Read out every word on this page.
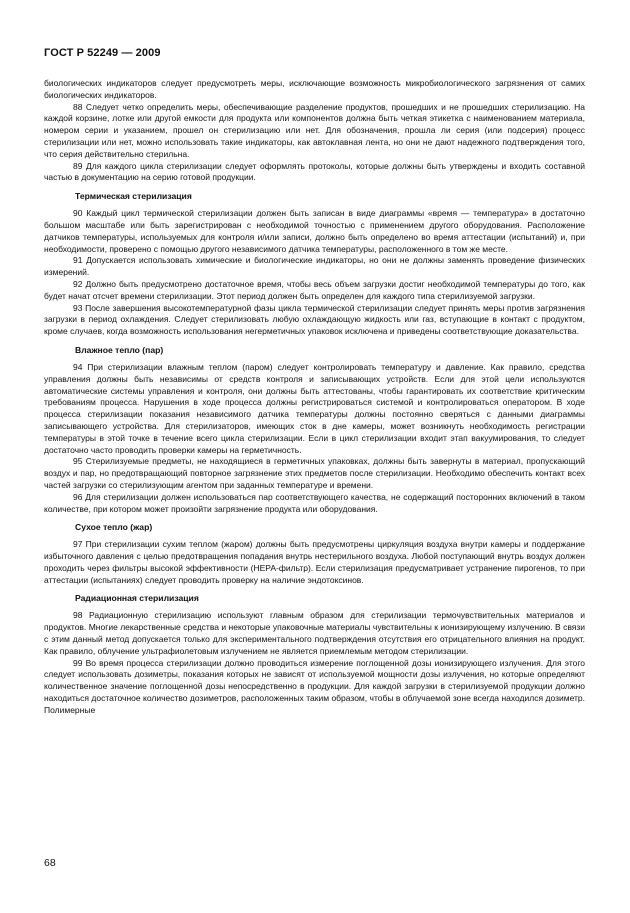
ГОСТ Р 52249 — 2009

биологических индикаторов следует предусмотреть меры, исключающие возможность микробиологического загрязнения от самих биологических индикаторов.

88 Следует четко определить меры, обеспечивающие разделение продуктов, прошедших и не прошедших стерилизацию. На каждой корзине, лотке или другой емкости для продукта или компонентов должна быть четкая этикетка с наименованием материала, номером серии и указанием, прошел он стерилизацию или нет. Для обозначения, прошла ли серия (или подсерия) процесс стерилизации или нет, можно использовать такие индикаторы, как автоклавная лента, но они не дают надежного подтверждения того, что серия действительно стерильна.

89 Для каждого цикла стерилизации следует оформлять протоколы, которые должны быть утверждены и входить составной частью в документацию на серию готовой продукции.

Термическая стерилизация

90 Каждый цикл термической стерилизации должен быть записан в виде диаграммы «время — температура» в достаточно большом масштабе или быть зарегистрирован с необходимой точностью с применением другого оборудования. Расположение датчиков температуры, используемых для контроля и/или записи, должно быть определено во время аттестации (испытаний) и, при необходимости, проверено с помощью другого независимого датчика температуры, расположенного в том же месте.

91 Допускается использовать химические и биологические индикаторы, но они не должны заменять проведение физических измерений.

92 Должно быть предусмотрено достаточное время, чтобы весь объем загрузки достиг необходимой температуры до того, как будет начат отсчет времени стерилизации. Этот период должен быть определен для каждого типа стерилизуемой загрузки.

93 После завершения высокотемпературной фазы цикла термической стерилизации следует принять меры против загрязнения загрузки в период охлаждения. Следует стерилизовать любую охлаждающую жидкость или газ, вступающие в контакт с продуктом, кроме случаев, когда возможность использования негерметичных упаковок исключена и приведены соответствующие доказательства.

Влажное тепло (пар)

94 При стерилизации влажным теплом (паром) следует контролировать температуру и давление. Как правило, средства управления должны быть независимы от средств контроля и записывающих устройств. Если для этой цели используются автоматические системы управления и контроля, они должны быть аттестованы, чтобы гарантировать их соответствие критическим требованиям процесса. Нарушения в ходе процесса должны регистрироваться системой и контролироваться оператором. В ходе процесса стерилизации показания независимого датчика температуры должны постоянно сверяться с данными диаграммы записывающего устройства. Для стерилизаторов, имеющих сток в дне камеры, может возникнуть необходимость регистрации температуры в этой точке в течение всего цикла стерилизации. Если в цикл стерилизации входит этап вакуумирования, то следует достаточно часто проводить проверки камеры на герметичность.

95 Стерилизуемые предметы, не находящиеся в герметичных упаковках, должны быть завернуты в материал, пропускающий воздух и пар, но предотвращающий повторное загрязнение этих предметов после стерилизации. Необходимо обеспечить контакт всех частей загрузки со стерилизующим агентом при заданных температуре и времени.

96 Для стерилизации должен использоваться пар соответствующего качества, не содержащий посторонних включений в таком количестве, при котором может произойти загрязнение продукта или оборудования.

Сухое тепло (жар)

97 При стерилизации сухим теплом (жаром) должны быть предусмотрены циркуляция воздуха внутри камеры и поддержание избыточного давления с целью предотвращения попадания внутрь нестерильного воздуха. Любой поступающий внутрь воздух должен проходить через фильтры высокой эффективности (НЕРА-фильтр). Если стерилизация предусматривает устранение пирогенов, то при аттестации (испытаниях) следует проводить проверку на наличие эндотоксинов.

Радиационная стерилизация

98 Радиационную стерилизацию используют главным образом для стерилизации термочувствительных материалов и продуктов. Многие лекарственные средства и некоторые упаковочные материалы чувствительны к ионизирующему излучению. В связи с этим данный метод допускается только для экспериментального подтверждения отсутствия его отрицательного влияния на продукт. Как правило, облучение ультрафиолетовым излучением не является приемлемым методом стерилизации.

99 Во время процесса стерилизации должно проводиться измерение поглощенной дозы ионизирующего излучения. Для этого следует использовать дозиметры, показания которых не зависят от используемой мощности дозы излучения, но которые определяют количественное значение поглощенной дозы непосредственно в продукции. Для каждой загрузки в стерилизуемой продукции должно находиться достаточное количество дозиметров, расположенных таким образом, чтобы в облучаемой зоне всегда находился дозиметр. Полимерные

68
